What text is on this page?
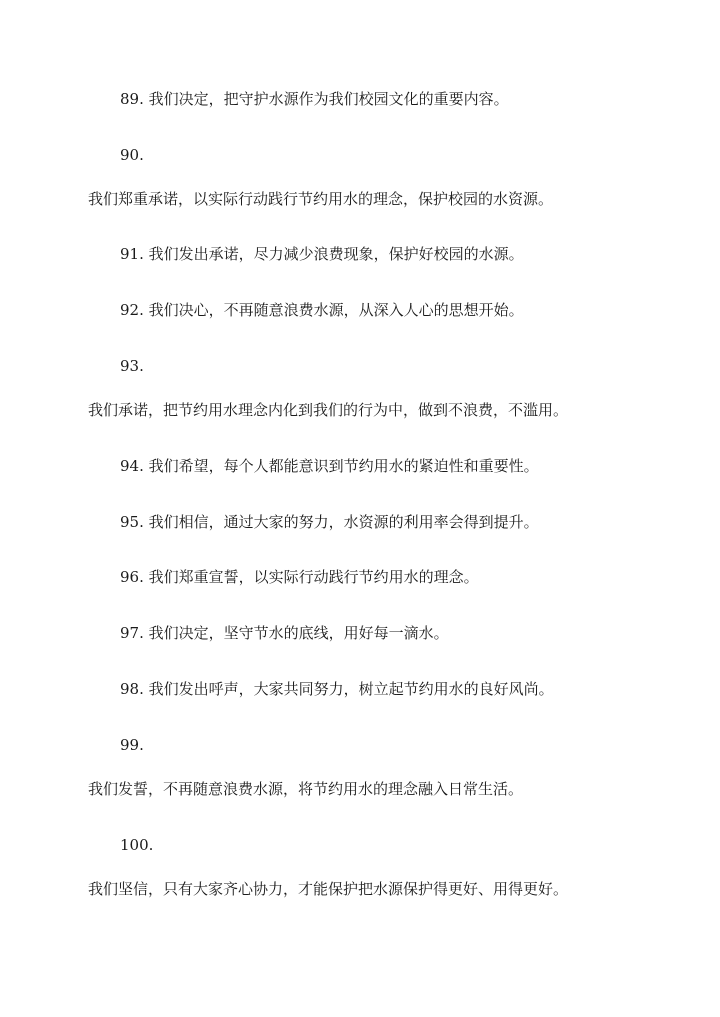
89. 我们决定，把守护水源作为我们校园文化的重要内容。
90.
我们郑重承诺，以实际行动践行节约用水的理念，保护校园的水资源。
91. 我们发出承诺，尽力减少浪费现象，保护好校园的水源。
92. 我们决心，不再随意浪费水源，从深入人心的思想开始。
93.
我们承诺，把节约用水理念内化到我们的行为中，做到不浪费，不滥用。
94. 我们希望，每个人都能意识到节约用水的紧迫性和重要性。
95. 我们相信，通过大家的努力，水资源的利用率会得到提升。
96. 我们郑重宣誓，以实际行动践行节约用水的理念。
97. 我们决定，坚守节水的底线，用好每一滴水。
98. 我们发出呼声，大家共同努力，树立起节约用水的良好风尚。
99.
我们发誓，不再随意浪费水源，将节约用水的理念融入日常生活。
100.
我们坚信，只有大家齐心协力，才能保护把水源保护得更好、用得更好。
